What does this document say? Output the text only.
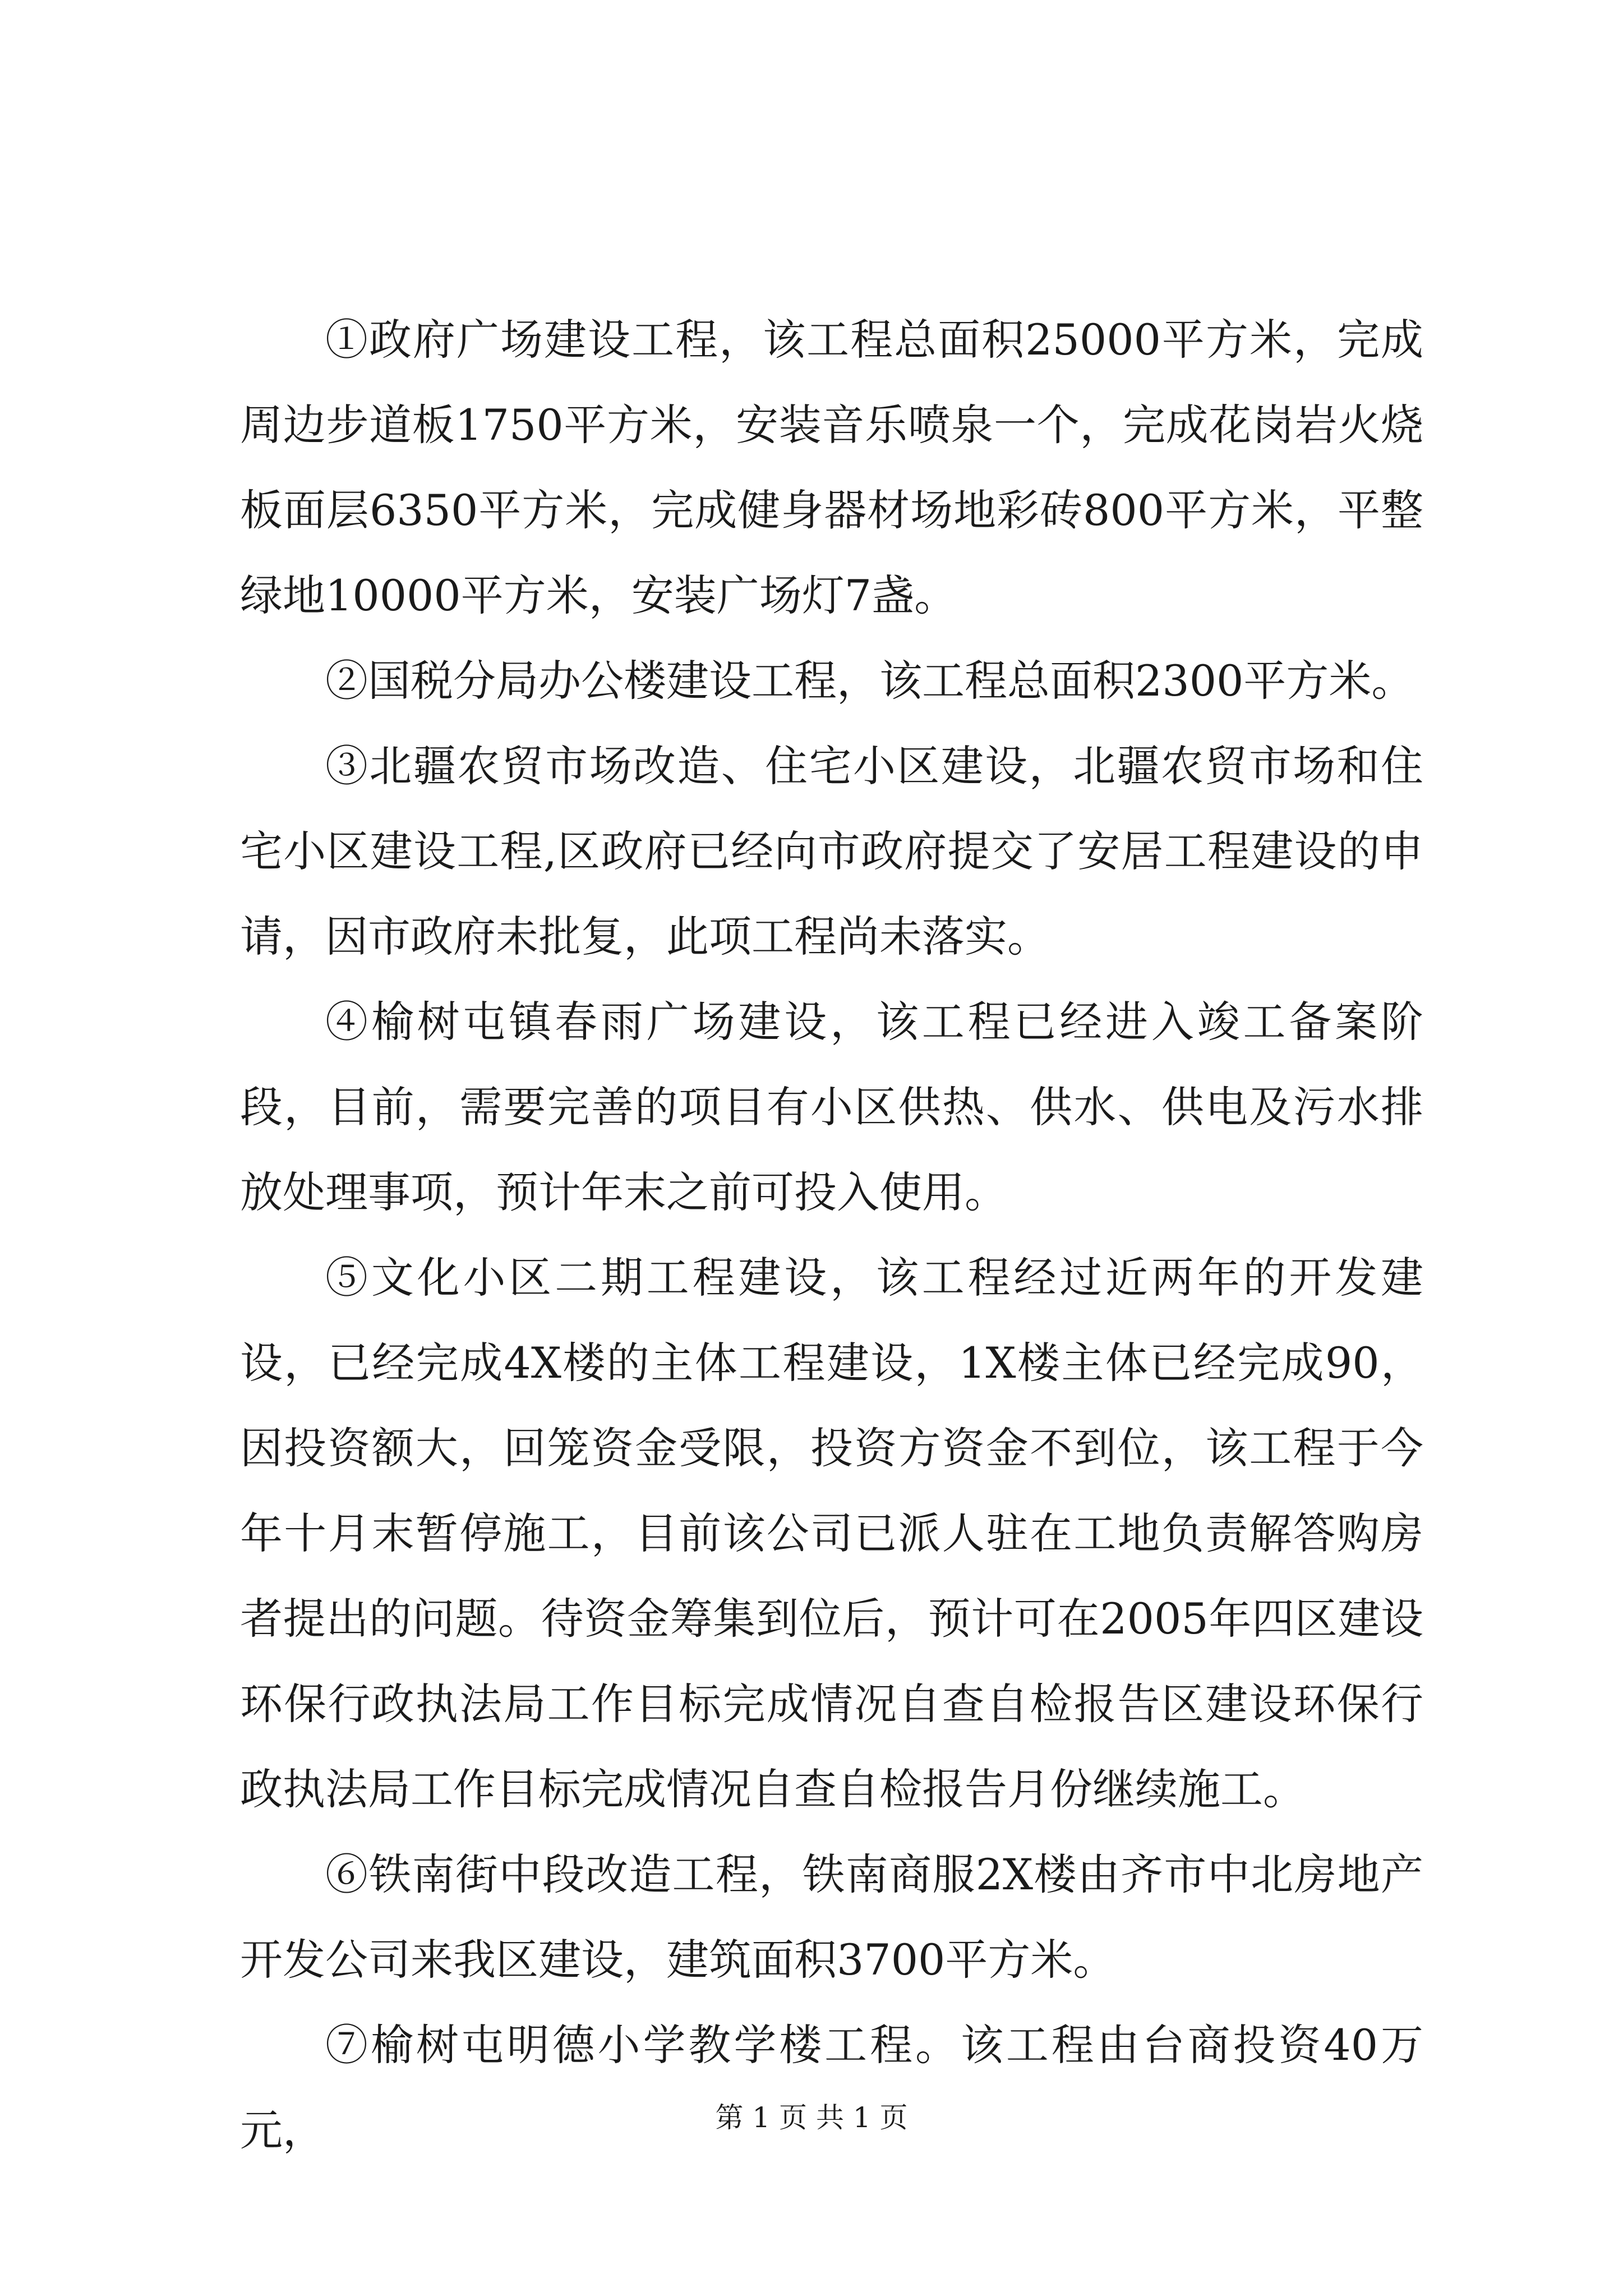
①政府广场建设工程，该工程总面积25000平方米，完成周边步道板1750平方米，安装音乐喷泉一个，完成花岗岩火烧板面层6350平方米，完成健身器材场地彩砖800平方米，平整绿地10000平方米，安装广场灯7盏。

②国税分局办公楼建设工程，该工程总面积2300平方米。

③北疆农贸市场改造、住宅小区建设，北疆农贸市场和住宅小区建设工程,区政府已经向市政府提交了安居工程建设的申请，因市政府未批复，此项工程尚未落实。

④榆树屯镇春雨广场建设，该工程已经进入竣工备案阶段，目前，需要完善的项目有小区供热、供水、供电及污水排放处理事项，预计年末之前可投入使用。

⑤文化小区二期工程建设，该工程经过近两年的开发建设，已经完成4X楼的主体工程建设，1X楼主体已经完成90，因投资额大，回笼资金受限，投资方资金不到位，该工程于今年十月末暂停施工，目前该公司已派人驻在工地负责解答购房者提出的问题。待资金筹集到位后，预计可在2005年四区建设环保行政执法局工作目标完成情况自查自检报告区建设环保行政执法局工作目标完成情况自查自检报告月份继续施工。

⑥铁南街中段改造工程，铁南商服2X楼由齐市中北房地产开发公司来我区建设，建筑面积3700平方米。

⑦榆树屯明德小学教学楼工程。该工程由台商投资40万元，	第 1 页 共 1 页
